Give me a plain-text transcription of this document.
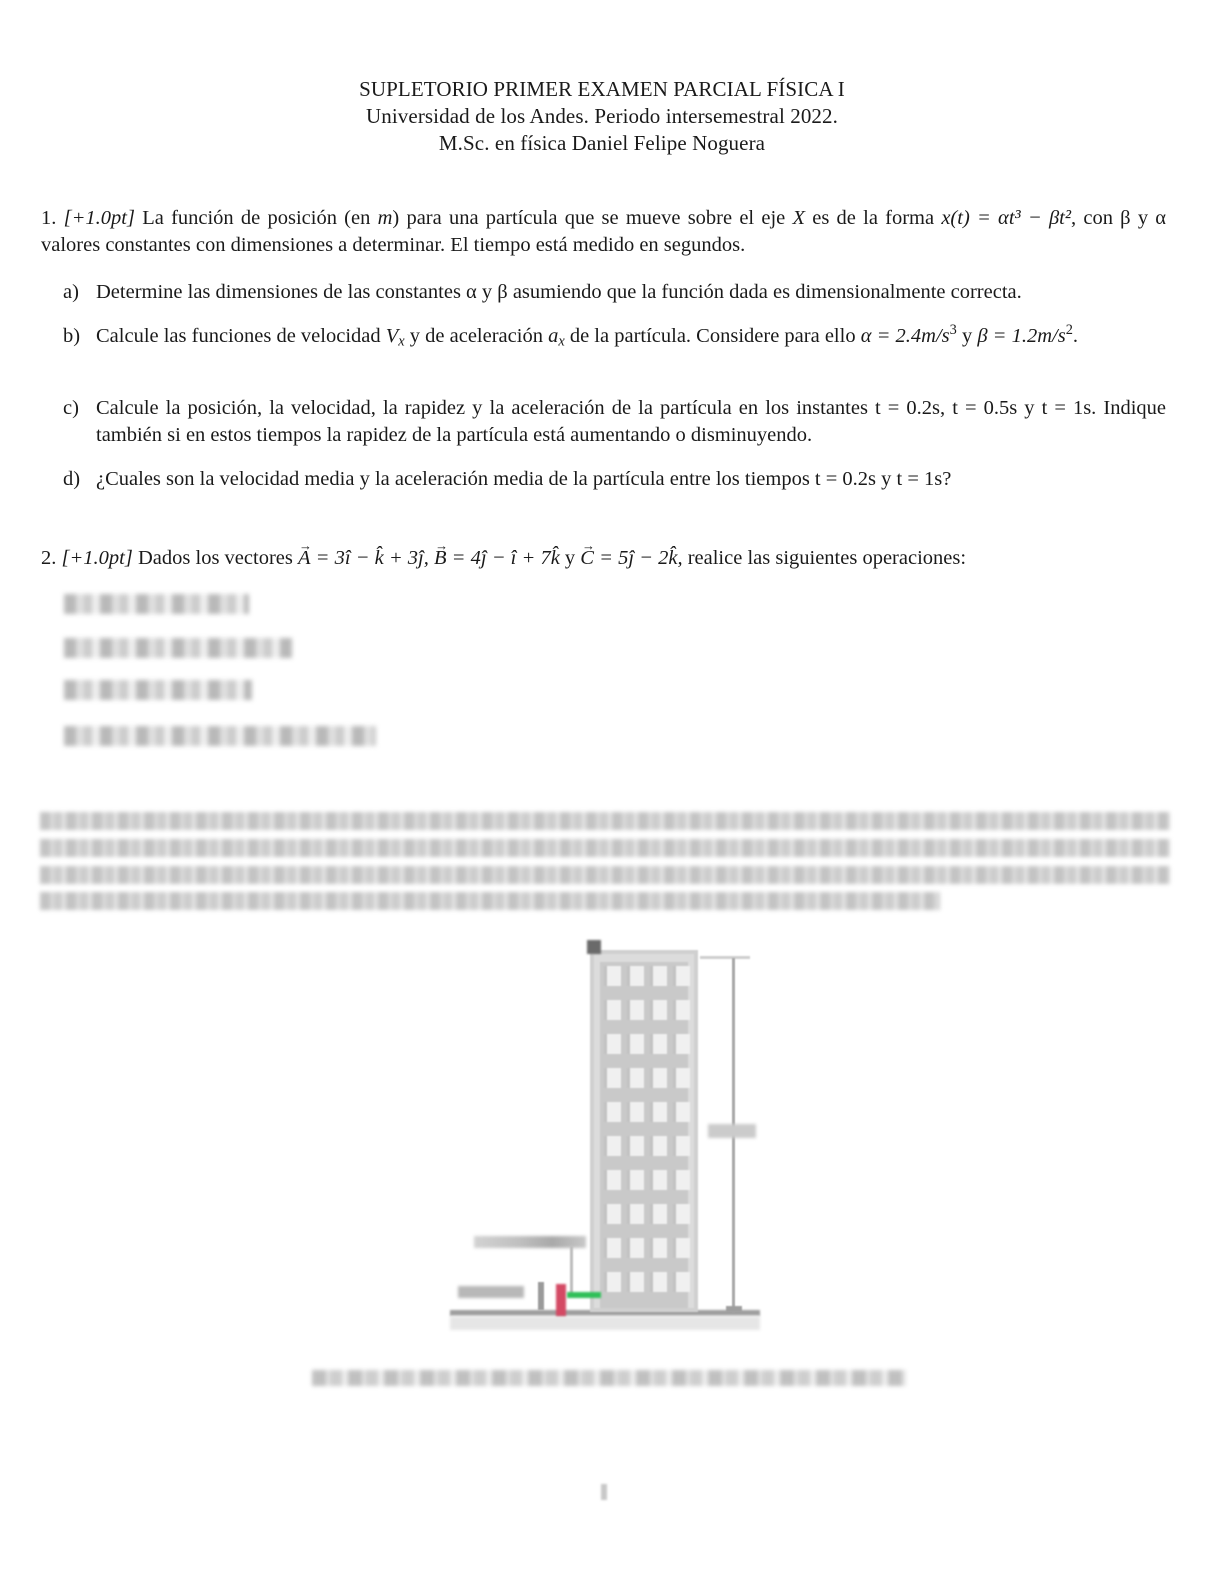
SUPLETORIO PRIMER EXAMEN PARCIAL FÍSICA I
Universidad de los Andes. Periodo intersemestral 2022.
M.Sc. en física Daniel Felipe Noguera
1. [+1.0pt] La función de posición (en m) para una partícula que se mueve sobre el eje X es de la forma x(t) = αt³ − βt², con β y α valores constantes con dimensiones a determinar. El tiempo está medido en segundos.
a) Determine las dimensiones de las constantes α y β asumiendo que la función dada es dimensionalmente correcta.
b) Calcule las funciones de velocidad Vx y de aceleración ax de la partícula. Considere para ello $\alpha = 2.4m/s^3$ y $\beta = 1.2m/s^2$.
c) Calcule la posición, la velocidad, la rapidez y la aceleración de la partícula en los instantes t = 0.2s, t = 0.5s y t = 1s. Indique también si en estos tiempos la rapidez de la partícula está aumentando o disminuyendo.
d) ¿Cuales son la velocidad media y la aceleración media de la partícula entre los tiempos t = 0.2s y t = 1s?
2. [+1.0pt] Dados los vectores → A = 3î − k̂ + 3ĵ, → B = 4ĵ − î + 7k̂ y → C = 5ĵ − 2k̂, realice las siguientes operaciones:
